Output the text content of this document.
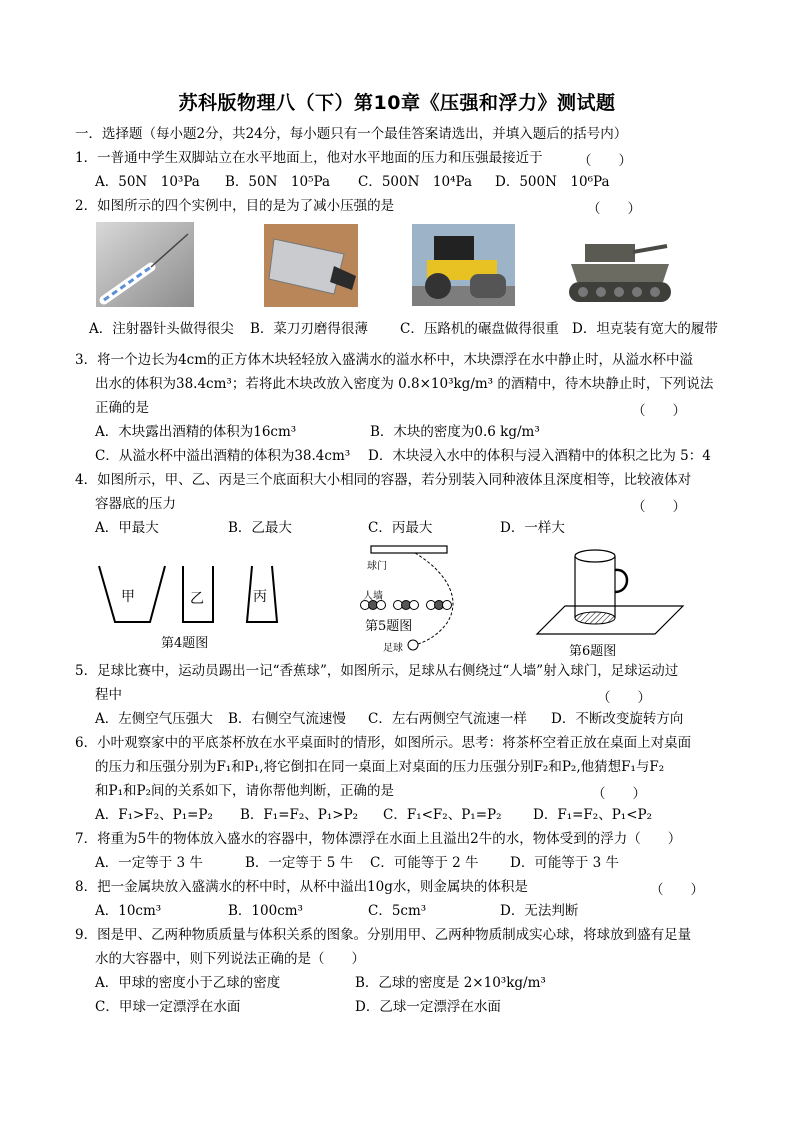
苏科版物理八（下）第10章《压强和浮力》测试题
一．选择题（每小题2分，共24分，每小题只有一个最佳答案请选出，并填入题后的括号内）
1．一普通中学生双脚站立在水平地面上，他对水平地面的压力和压强最接近于	（　　）
A．50N　10³Pa B．50N　10⁵Pa C．500N　10⁴Pa D．500N　10⁶Pa
2．如图所示的四个实例中，目的是为了减小压强的是	（　　）
A．注射器针头做得很尖 B．菜刀刃磨得很薄 C．压路机的碾盘做得很重 D．坦克装有宽大的履带
3．将一个边长为4cm的正方体木块轻轻放入盛满水的溢水杯中，木块漂浮在水中静止时，从溢水杯中溢
出水的体积为38.4cm³；若将此木块改放入密度为 0.8×10³kg/m³ 的酒精中，待木块静止时，下列说法
正确的是	（　　）
A．木块露出酒精的体积为16cm³	B．木块的密度为0.6 kg/m³
C．从溢水杯中溢出酒精的体积为38.4cm³ D．木块浸入水中的体积与浸入酒精中的体积之比为 5：4
4．如图所示，甲、乙、丙是三个底面积大小相同的容器，若分别装入同种液体且深度相等，比较液体对
容器底的压力	（　　）
A．甲最大	B．乙最大	C．丙最大	D．一样大
甲	乙	丙
第4题图
球门
人墙
第5题图
足球	第6题图
5．足球比赛中，运动员踢出一记“香蕉球”，如图所示，足球从右侧绕过“人墙”射入球门，足球运动过
程中	（　　）
A．左侧空气压强大 B．右侧空气流速慢 C．左右两侧空气流速一样 D．不断改变旋转方向
6．小叶观察家中的平底茶杯放在水平桌面时的情形，如图所示。思考：将茶杯空着正放在桌面上对桌面
的压力和压强分别为F₁和P₁,将它倒扣在同一桌面上对桌面的压力压强分别F₂和P₂,他猜想F₁与F₂
和P₁和P₂间的关系如下，请你帮他判断，正确的是	（　　）
A．F₁>F₂、P₁=P₂ B．F₁=F₂、P₁>P₂ C．F₁<F₂、P₁=P₂ D．F₁=F₂、P₁<P₂
7．将重为5牛的物体放入盛水的容器中，物体漂浮在水面上且溢出2牛的水，物体受到的浮力（　　）
A．一定等于 3 牛	B．一定等于 5 牛 C．可能等于 2 牛 D．可能等于 3 牛
8．把一金属块放入盛满水的杯中时，从杯中溢出10g水，则金属块的体积是	（　　）
A．10cm³	B．100cm³	C．5cm³	D．无法判断
9．图是甲、乙两种物质质量与体积关系的图象。分别用甲、乙两种物质制成实心球，将球放到盛有足量
水的大容器中，则下列说法正确的是（　　）
A．甲球的密度小于乙球的密度	B．乙球的密度是 2×10³kg/m³
C．甲球一定漂浮在水面	D．乙球一定漂浮在水面
